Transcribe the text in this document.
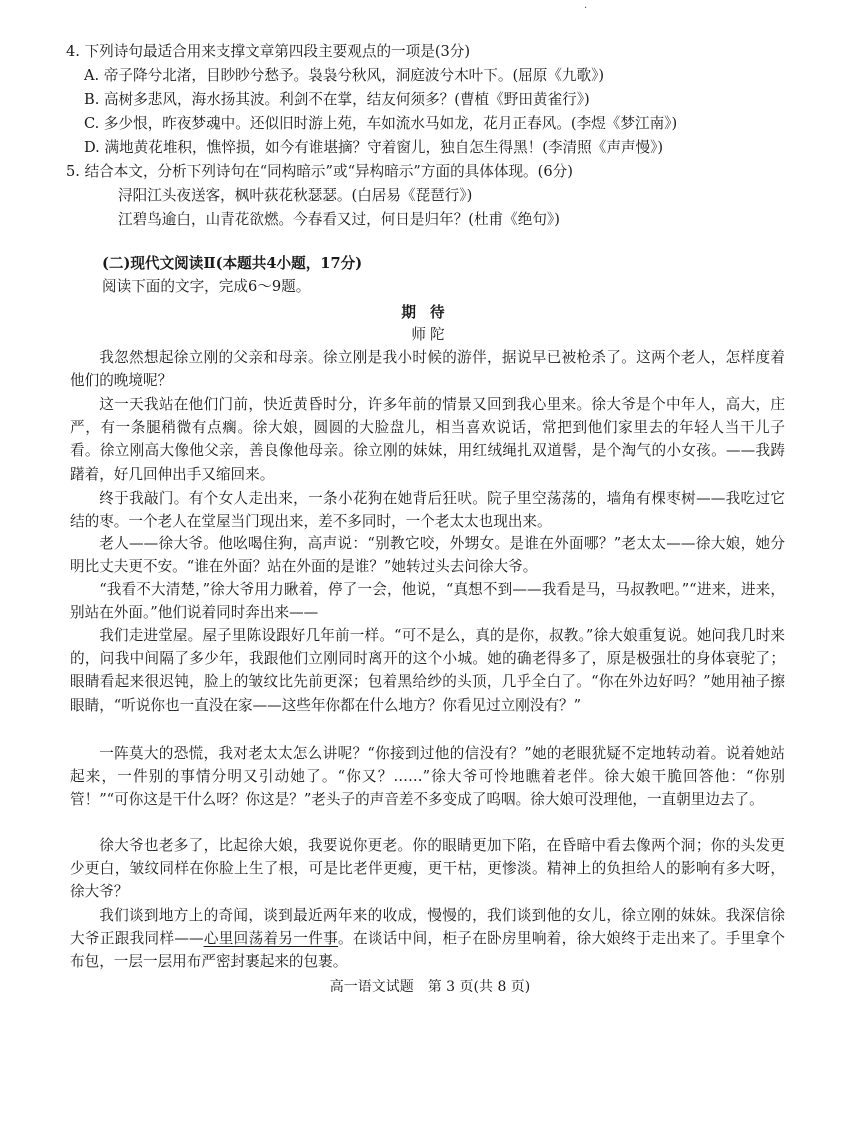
·
4. 下列诗句最适合用来支撑文章第四段主要观点的一项是(3分)
A. 帝子降兮北渚，目眇眇兮愁予。袅袅兮秋风，洞庭波兮木叶下。(屈原《九歌》)
B. 高树多悲风，海水扬其波。利剑不在掌，结友何须多？(曹植《野田黄雀行》)
C. 多少恨，昨夜梦魂中。还似旧时游上苑，车如流水马如龙，花月正春风。(李煜《梦江南》)
D. 满地黄花堆积，憔悴损，如今有谁堪摘？守着窗儿，独自怎生得黑！(李清照《声声慢》)
5. 结合本文，分析下列诗句在“同构暗示”或“异构暗示”方面的具体体现。(6分)
浔阳江头夜送客，枫叶荻花秋瑟瑟。(白居易《琵琶行》)
江碧鸟逾白，山青花欲燃。今春看又过，何日是归年？(杜甫《绝句》)
(二)现代文阅读Ⅱ(本题共4小题，17分)
阅读下面的文字，完成6～9题。
期待
师陀
我忽然想起徐立刚的父亲和母亲。徐立刚是我小时候的游伴，据说早已被枪杀了。这两个老人，怎样度着他们的晚境呢？
这一天我站在他们门前，快近黄昏时分，许多年前的情景又回到我心里来。徐大爷是个中年人，高大，庄严，有一条腿稍微有点瘸。徐大娘，圆圆的大脸盘儿，相当喜欢说话，常把到他们家里去的年轻人当干儿子看。徐立刚高大像他父亲，善良像他母亲。徐立刚的妹妹，用红绒绳扎双道髻，是个淘气的小女孩。——我踌躇着，好几回伸出手又缩回来。
终于我敲门。有个女人走出来，一条小花狗在她背后狂吠。院子里空荡荡的，墙角有棵枣树——我吃过它结的枣。一个老人在堂屋当门现出来，差不多同时，一个老太太也现出来。
老人——徐大爷。他吆喝住狗，高声说：“别教它咬，外甥女。是谁在外面哪？”老太太——徐大娘，她分明比丈夫更不安。“谁在外面？站在外面的是谁？”她转过头去问徐大爷。
“我看不大清楚，”徐大爷用力瞅着，停了一会，他说，“真想不到——我看是马，马叔教吧。”“进来，进来，别站在外面。”他们说着同时奔出来——
我们走进堂屋。屋子里陈设跟好几年前一样。“可不是么，真的是你，叔教。”徐大娘重复说。她问我几时来的，问我中间隔了多少年，我跟他们立刚同时离开的这个小城。她的确老得多了，原是极强壮的身体衰驼了；眼睛看起来很迟钝，脸上的皱纹比先前更深；包着黑给纱的头顶，几乎全白了。“你在外边好吗？”她用袖子擦眼睛，“听说你也一直没在家——这些年你都在什么地方？你看见过立刚没有？”
一阵莫大的恐慌，我对老太太怎么讲呢？“你接到过他的信没有？”她的老眼犹疑不定地转动着。说着她站起来，一件别的事情分明又引动她了。“你又？……”徐大爷可怜地瞧着老伴。徐大娘干脆回答他：“你别管！”“可你这是干什么呀？你这是？”老头子的声音差不多变成了呜咽。徐大娘可没理他，一直朝里边去了。
徐大爷也老多了，比起徐大娘，我要说你更老。你的眼睛更加下陷，在昏暗中看去像两个洞；你的头发更少更白，皱纹同样在你脸上生了根，可是比老伴更瘦，更干枯，更惨淡。精神上的负担给人的影响有多大呀，徐大爷？
我们谈到地方上的奇闻，谈到最近两年来的收成，慢慢的，我们谈到他的女儿，徐立刚的妹妹。我深信徐大爷正跟我同样——心里回荡着另一件事。在谈话中间，柜子在卧房里响着，徐大娘终于走出来了。手里拿个布包，一层一层用布严密封裹起来的包裹。
高一语文试题　第 3 页(共 8 页)
